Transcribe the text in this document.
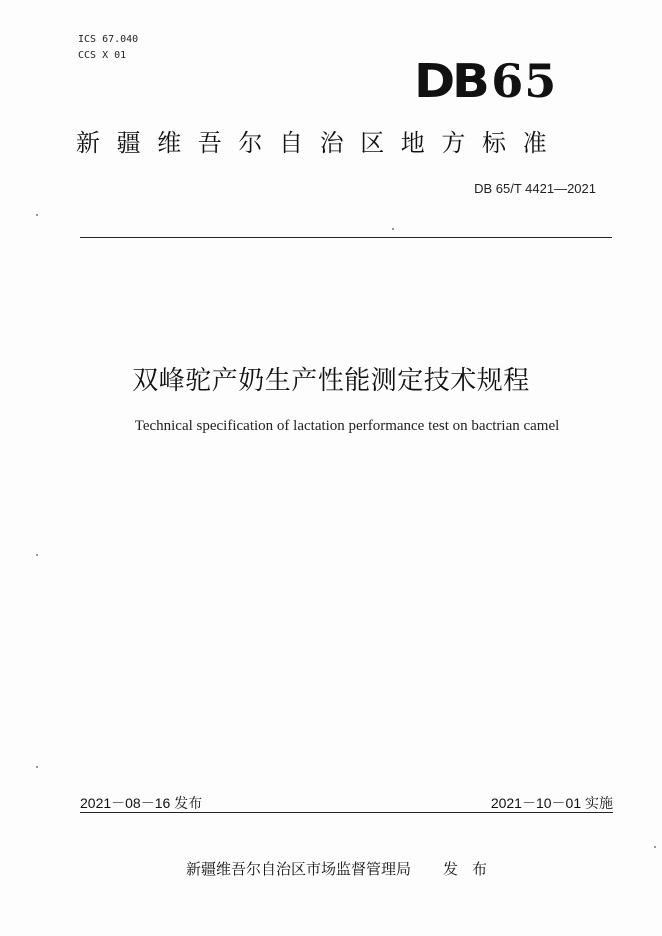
ICS 67.040
CCS X 01	DB 65
新疆维吾尔自治区地方标准
DB 65/T 4421—2021
双峰驼产奶生产性能测定技术规程
Technical specification of lactation performance test on bactrian camel
2021－08－16 发布	2021－10－01 实施
新疆维吾尔自治区市场监督管理局 发布
